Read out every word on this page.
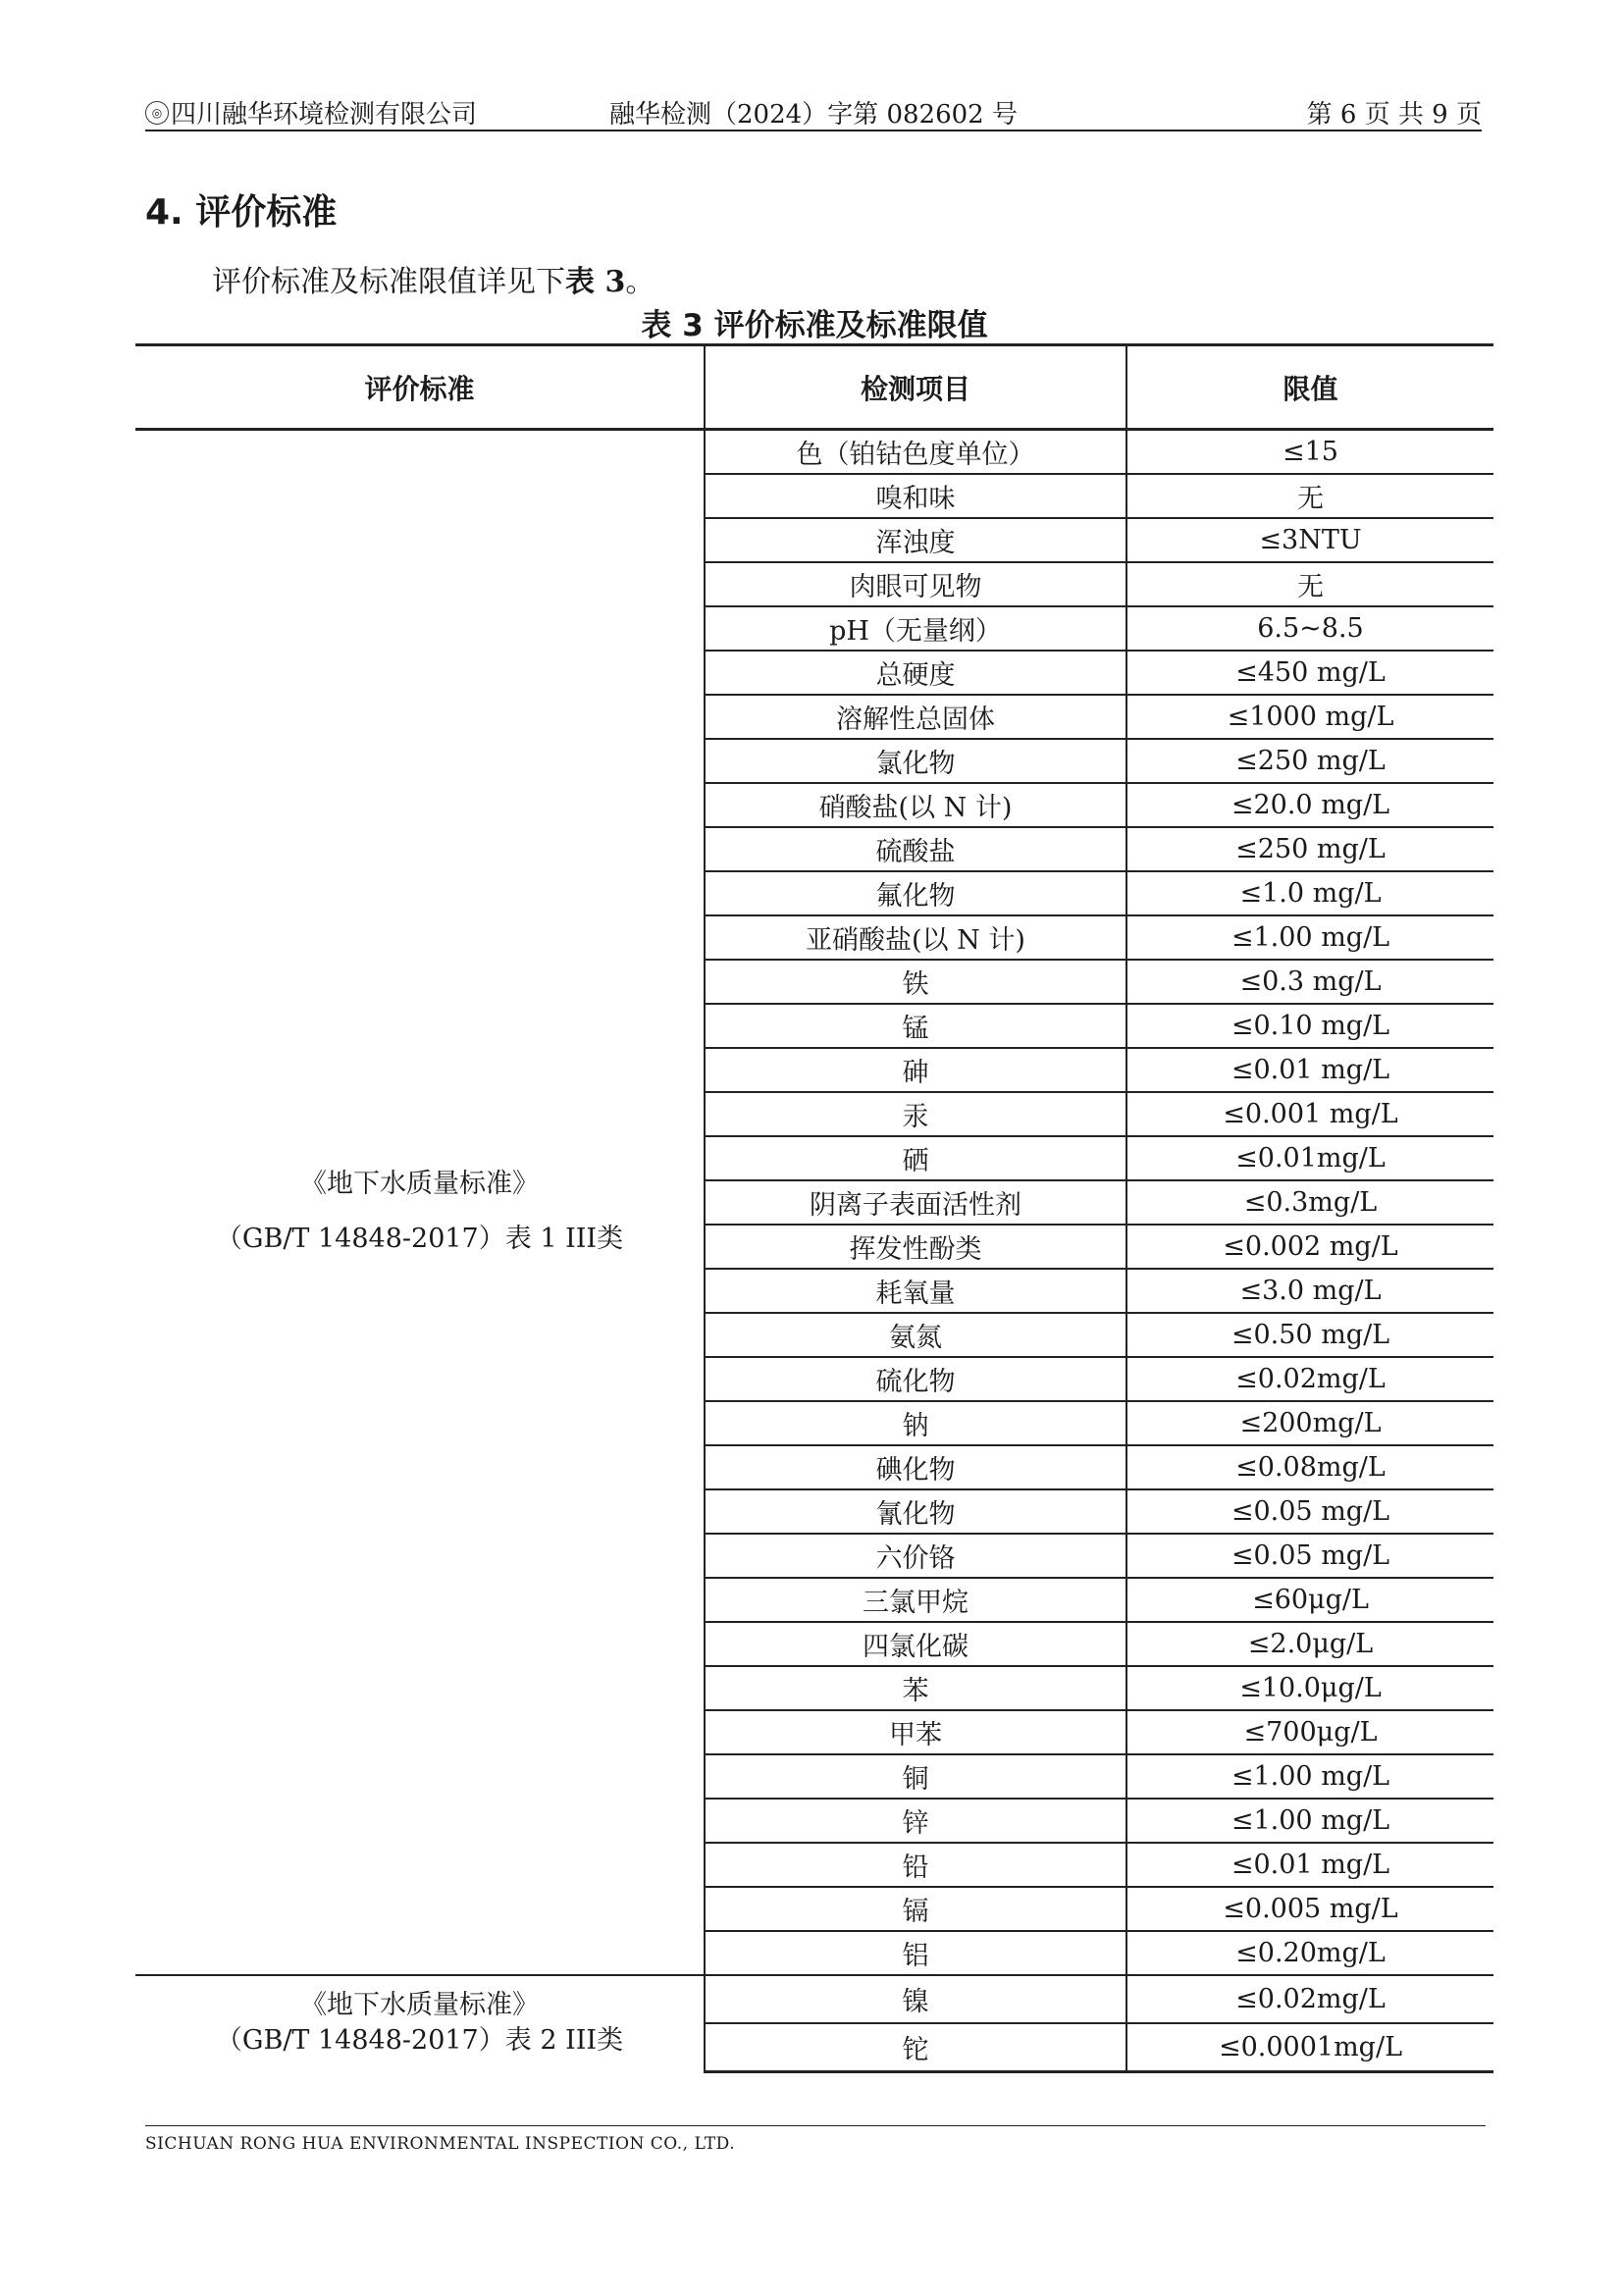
◎ 四川融华环境检测有限公司	融华检测（2024）字第 082602 号	第 6 页 共 9 页
4. 评价标准
评价标准及标准限值详见下表 3。
表 3 评价标准及标准限值
评价标准	检测项目	限值

《地下水质量标准》
（GB/T 14848-2017）表 1 III类	色（铂钴色度单位）	≤15
	嗅和味	无
	浑浊度	≤3NTU
	肉眼可见物	无
	pH（无量纲）	6.5~8.5
	总硬度	≤450 mg/L
	溶解性总固体	≤1000 mg/L
	氯化物	≤250 mg/L
	硝酸盐(以 N 计)	≤20.0 mg/L
	硫酸盐	≤250 mg/L
	氟化物	≤1.0 mg/L
	亚硝酸盐(以 N 计)	≤1.00 mg/L
	铁	≤0.3 mg/L
	锰	≤0.10 mg/L
	砷	≤0.01 mg/L
	汞	≤0.001 mg/L
	硒	≤0.01mg/L
	阴离子表面活性剂	≤0.3mg/L
	挥发性酚类	≤0.002 mg/L
	耗氧量	≤3.0 mg/L
	氨氮	≤0.50 mg/L
	硫化物	≤0.02mg/L
	钠	≤200mg/L
	碘化物	≤0.08mg/L
	氰化物	≤0.05 mg/L
	六价铬	≤0.05 mg/L
	三氯甲烷	≤60μg/L
	四氯化碳	≤2.0μg/L
	苯	≤10.0μg/L
	甲苯	≤700μg/L
	铜	≤1.00 mg/L
	锌	≤1.00 mg/L
	铅	≤0.01 mg/L
	镉	≤0.005 mg/L
	铝	≤0.20mg/L

《地下水质量标准》
（GB/T 14848-2017）表 2 III类	镍	≤0.02mg/L
	铊	≤0.0001mg/L
SICHUAN RONG HUA ENVIRONMENTAL INSPECTION CO., LTD.
